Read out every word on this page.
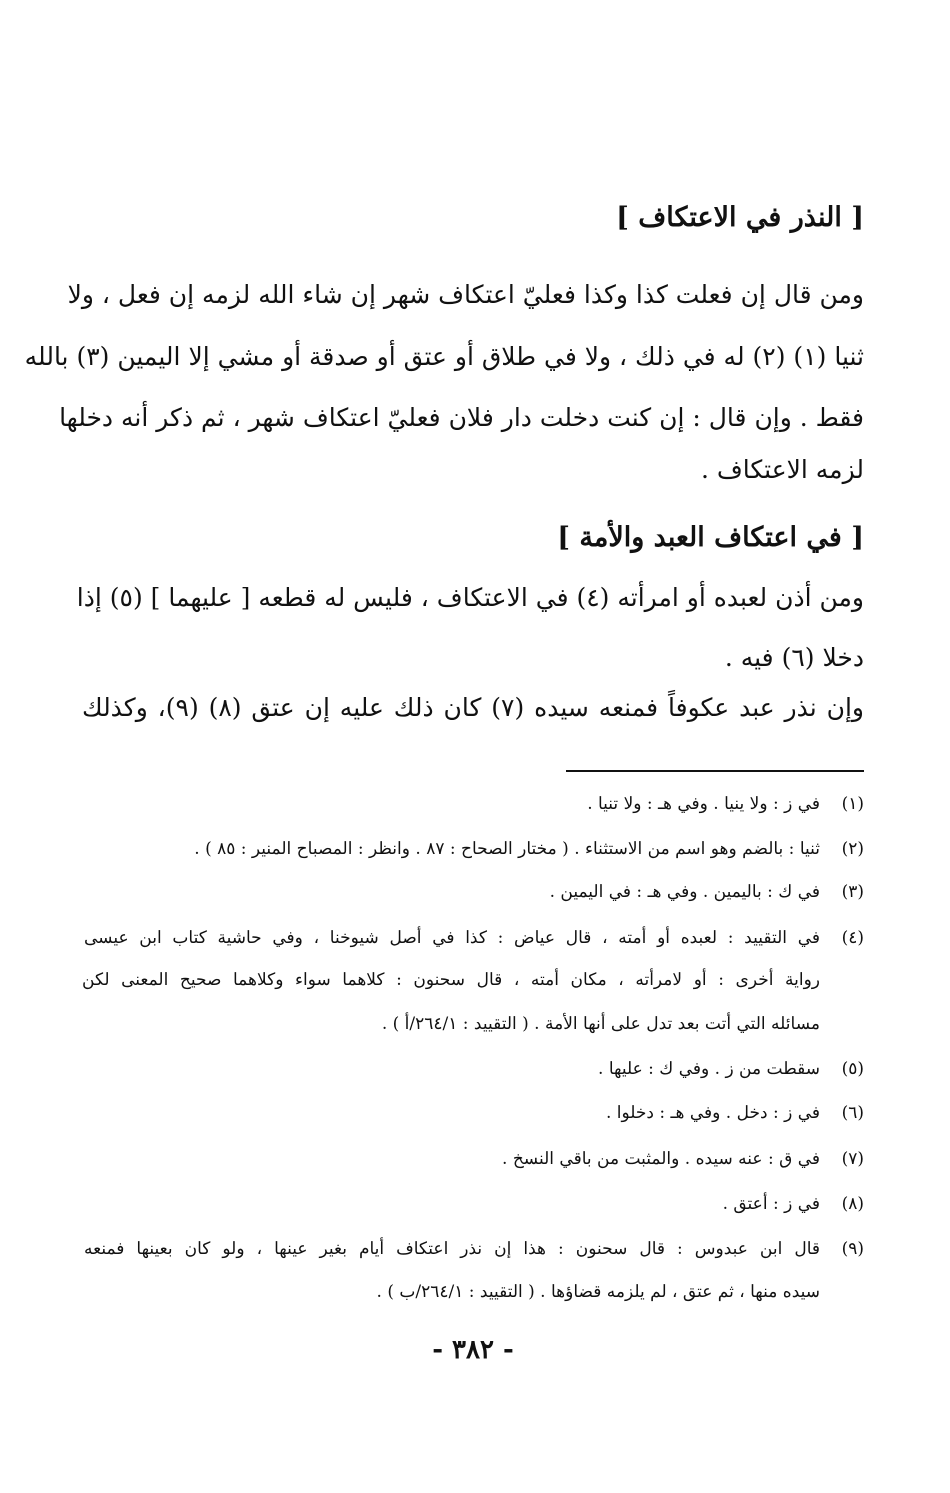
[ النذر في الاعتكاف ]
ومن قال إن فعلت كذا وكذا فعليّ اعتكاف شهر إن شاء الله لزمه إن فعل ، ولا
ثنيا (١) (٢) له في ذلك ، ولا في طلاق أو عتق أو صدقة أو مشي إلا اليمين (٣) بالله
فقط . وإن قال : إن كنت دخلت دار فلان فعليّ اعتكاف شهر ، ثم ذكر أنه دخلها
لزمه الاعتكاف .
[ في اعتكاف العبد والأمة ]
ومن أذن لعبده أو امرأته (٤) في الاعتكاف ، فليس له قطعه [ عليهما ] (٥) إذا
دخلا (٦) فيه .
وإن نذر عبد عكوفاً فمنعه سيده (٧) كان ذلك عليه إن عتق (٨) (٩)، وكذلك
(١)في ز : ولا ينيا . وفي هـ : ولا تنيا .
(٢)ثنيا : بالضم وهو اسم من الاستثناء . ( مختار الصحاح : ٨٧ . وانظر : المصباح المنير : ٨٥ ) .
(٣)في ك : باليمين . وفي هـ : في اليمين .
(٤)في التقييد : لعبده أو أمته ، قال عياض : كذا في أصل شيوخنا ، وفي حاشية كتاب ابن عيسى
رواية أخرى : أو لامرأته ، مكان أمته ، قال سحنون : كلاهما سواء وكلاهما صحيح المعنى لكن
مسائله التي أتت بعد تدل على أنها الأمة . ( التقييد : ٢٦٤/١/أ ) .
(٥)سقطت من ز . وفي ك : عليها .
(٦)في ز : دخل . وفي هـ : دخلوا .
(٧)في ق : عنه سيده . والمثبت من باقي النسخ .
(٨)في ز : أعتق .
(٩)قال ابن عبدوس : قال سحنون : هذا إن نذر اعتكاف أيام بغير عينها ، ولو كان بعينها فمنعه
سيده منها ، ثم عتق ، لم يلزمه قضاؤها . ( التقييد : ٢٦٤/١/ب ) .
- ٣٨٢ -
